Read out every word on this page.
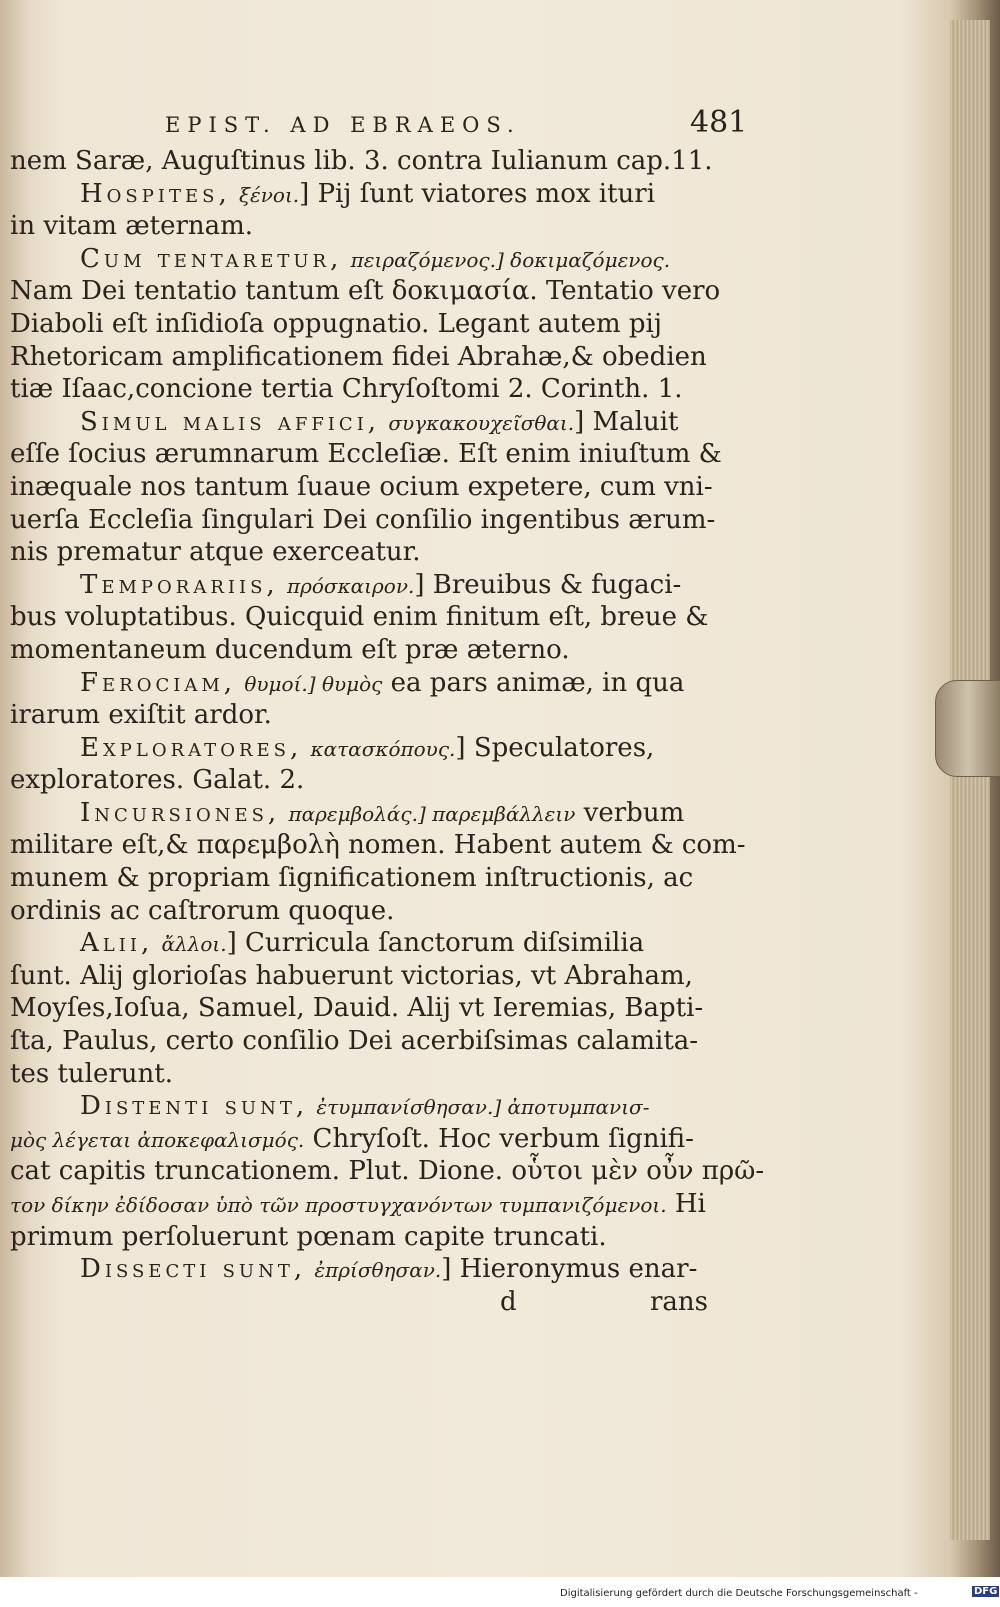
EPIST. AD EBRAEOS.	481
nem Saræ, Auguſtinus lib. 3. contra Iulianum cap.11.
Hospites, ξένοι.] Pij ſunt viatores mox ituri
in vitam æternam.
Cum tentaretur, πειραζόμενος.] δοκιμαζόμενος.
Nam Dei tentatio tantum eſt δοκιμασία. Tentatio vero
Diaboli eſt inſidioſa oppugnatio. Legant autem pij
Rhetoricam amplificationem fidei Abrahæ,& obedien
tiæ Iſaac,concione tertia Chryſoſtomi 2. Corinth. 1.
Simul malis affici, συγκακουχεῖσθαι.] Maluit
eſſe ſocius ærumnarum Eccleſiæ. Eſt enim iniuſtum &
inæquale nos tantum ſuaue ocium expetere, cum vni-
uerſa Eccleſia ſingulari Dei conſilio ingentibus ærum-
nis prematur atque exerceatur.
Temporariis, πρόσκαιρον.] Breuibus & fugaci-
bus voluptatibus. Quicquid enim finitum eſt, breue &
momentaneum ducendum eſt præ æterno.
Ferociam, θυμοί.] θυμὸς ea pars animæ, in qua
irarum exiſtit ardor.
Exploratores, κατασκόπους.] Speculatores,
exploratores. Galat. 2.
Incursiones, παρεμβολάς.] παρεμβάλλειν verbum
militare eſt,& παρεμβολὴ nomen. Habent autem & com-
munem & propriam ſignificationem inſtructionis, ac
ordinis ac caſtrorum quoque.
Alii, ἄλλοι.] Curricula ſanctorum diſsimilia
ſunt. Alij glorioſas habuerunt victorias, vt Abraham,
Moyſes,Ioſua, Samuel, Dauid. Alij vt Ieremias, Bapti-
ſta, Paulus, certo conſilio Dei acerbiſsimas calamita-
tes tulerunt.
Distenti sunt, ἐτυμπανίσθησαν.] ἀποτυμπανισ-
μὸς λέγεται ἀποκεφαλισμός. Chryſoſt. Hoc verbum ſignifi-
cat capitis truncationem. Plut. Dione. οὗτοι μὲν οὖν πρῶ-
τον δίκην ἐδίδοσαν ὑπὸ τῶν προστυγχανόντων τυμπανιζόμενοι. Hi
primum perſoluerunt pœnam capite truncati.
Dissecti sunt, ἐπρίσθησαν.] Hieronymus enar-
d	rans
Digitalisierung gefördert durch die Deutsche Forschungsgemeinschaft -	DFG
